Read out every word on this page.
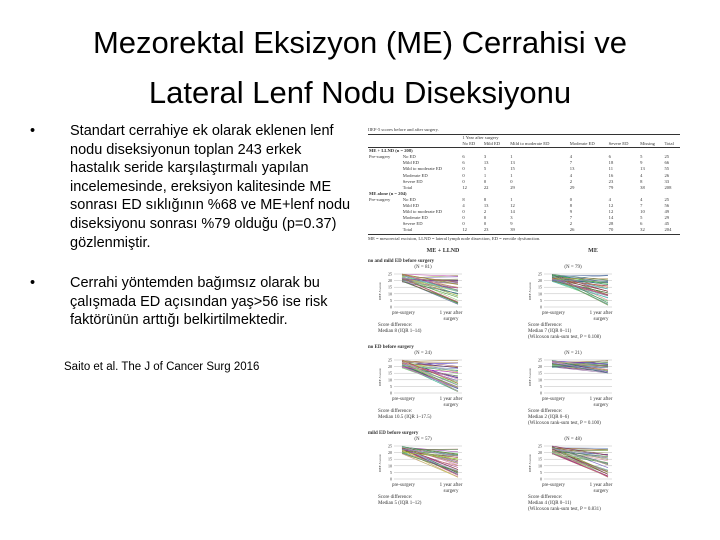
Mezorektal Eksizyon (ME) Cerrahisi ve
Lateral Lenf Nodu Diseksiyonu
• Standart cerrahiye ek olarak eklenen lenf nodu diseksiyonun toplan 243 erkek hastalık seride karşılaştırmalı yapılan incelemesinde, ereksiyon kalitesinde ME sonrası ED sıklığının %68 ve ME+lenf nodu diseksiyonu sonrası %79 olduğu (p=0.37) gözlenmiştir.
• Cerrahi yöntemden bağımsız olarak bu çalışmada ED açısından yaş>56 ise risk faktörünün arttığı belkirtilmektedir.
Saito et al. The J of Cancer Surg 2016
IIEF-5 scores before and after surgery.
		1 Year after surgery						
		No ED	Mild ED	Mild to moderate ED	Moderate ED	Severe ED	Missing	Total
ME + LLND (n = 208)								
Pre-surgery	No ED	6	3	1	4	6	5	25
	Mild ED	6	13	13	7	18	9	66
	Mild to moderate ED	0	5	15	13	11	13	55
	Moderate ED	0	1	1	4	16	4	26
	Severe ED	0	0	0	2	23	8	33
	Total	12	22	29	29	79	38	208
ME alone (n = 204)								
Pre-surgery	No ED	8	8	1	0	4	4	25
	Mild ED	4	13	12	8	12	7	56
	Mild to moderate ED	0	2	14	9	12	10	49
	Moderate ED	0	0	3	7	14	5	29
	Severe ED	0	0	9	2	28	6	45
	Total	12	23	39	26	70	32	204
ME = mesorectal excision, LLND = lateral lymph node dissection, ED = erectile dysfunction.
ME + LLND	ME
no and mild ED before surgery
(N = 81)
0
5
10
15
20
25
IIEF-5 score
pre-surgery	1 year after surgery
Score difference:
Median 8 (IQR 1–14)
(N = 79)
0
5
10
15
20
25
IIEF-5 score
pre-surgery	1 year after surgery
Score difference:
Median 7 (IQR 0–11)
(Wilcoxon rank-sum test, P = 0.108)
no ED before surgery
(N = 24)
0
5
10
15
20
25
IIEF-5 score
pre-surgery	1 year after surgery
Score difference:
Median 10.5 (IQR 1–17.5)
(N = 21)
0
5
10
15
20
25
IIEF-5 score
pre-surgery	1 year after surgery
Score difference:
Median 2 (IQR 0–6)
(Wilcoxon rank-sum test, P = 0.100)
mild ED before surgery
(N = 57)
0
5
10
15
20
25
IIEF-5 score
pre-surgery	1 year after surgery
Score difference:
Median 5 (IQR 1–12)
(N = 48)
0
5
10
15
20
25
IIEF-5 score
pre-surgery	1 year after surgery
Score difference:
Median 4 (IQR 0–11)
(Wilcoxon rank-sum test, P = 0.831)
